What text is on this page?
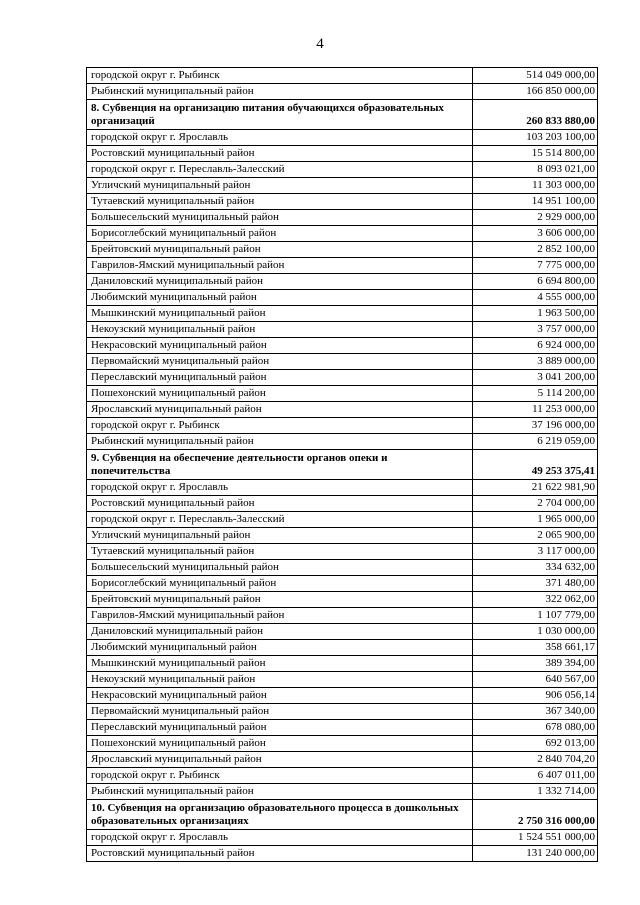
4
городской округ г. Рыбинск	514 049 000,00
Рыбинский муниципальный район	166 850 000,00
8. Субвенция на организацию питания обучающихся образовательных организаций	260 833 880,00
городской округ г. Ярославль	103 203 100,00
Ростовский муниципальный район	15 514 800,00
городской округ г. Переславль-Залесский	8 093 021,00
Угличский муниципальный район	11 303 000,00
Тутаевский муниципальный район	14 951 100,00
Большесельский муниципальный район	2 929 000,00
Борисоглебский муниципальный район	3 606 000,00
Брейтовский муниципальный район	2 852 100,00
Гаврилов-Ямский муниципальный район	7 775 000,00
Даниловский муниципальный район	6 694 800,00
Любимский муниципальный район	4 555 000,00
Мышкинский муниципальный район	1 963 500,00
Некоузский муниципальный район	3 757 000,00
Некрасовский муниципальный район	6 924 000,00
Первомайский муниципальный район	3 889 000,00
Переславский муниципальный район	3 041 200,00
Пошехонский муниципальный район	5 114 200,00
Ярославский муниципальный район	11 253 000,00
городской округ г. Рыбинск	37 196 000,00
Рыбинский муниципальный район	6 219 059,00
9. Субвенция на обеспечение деятельности органов опеки и попечительства	49 253 375,41
городской округ г. Ярославль	21 622 981,90
Ростовский муниципальный район	2 704 000,00
городской округ г. Переславль-Залесский	1 965 000,00
Угличский муниципальный район	2 065 900,00
Тутаевский муниципальный район	3 117 000,00
Большесельский муниципальный район	334 632,00
Борисоглебский муниципальный район	371 480,00
Брейтовский муниципальный район	322 062,00
Гаврилов-Ямский муниципальный район	1 107 779,00
Даниловский муниципальный район	1 030 000,00
Любимский муниципальный район	358 661,17
Мышкинский муниципальный район	389 394,00
Некоузский муниципальный район	640 567,00
Некрасовский муниципальный район	906 056,14
Первомайский муниципальный район	367 340,00
Переславский муниципальный район	678 080,00
Пошехонский муниципальный район	692 013,00
Ярославский муниципальный район	2 840 704,20
городской округ г. Рыбинск	6 407 011,00
Рыбинский муниципальный район	1 332 714,00
10. Субвенция на организацию образовательного процесса в дошкольных образовательных организациях	2 750 316 000,00
городской округ г. Ярославль	1 524 551 000,00
Ростовский муниципальный район	131 240 000,00
